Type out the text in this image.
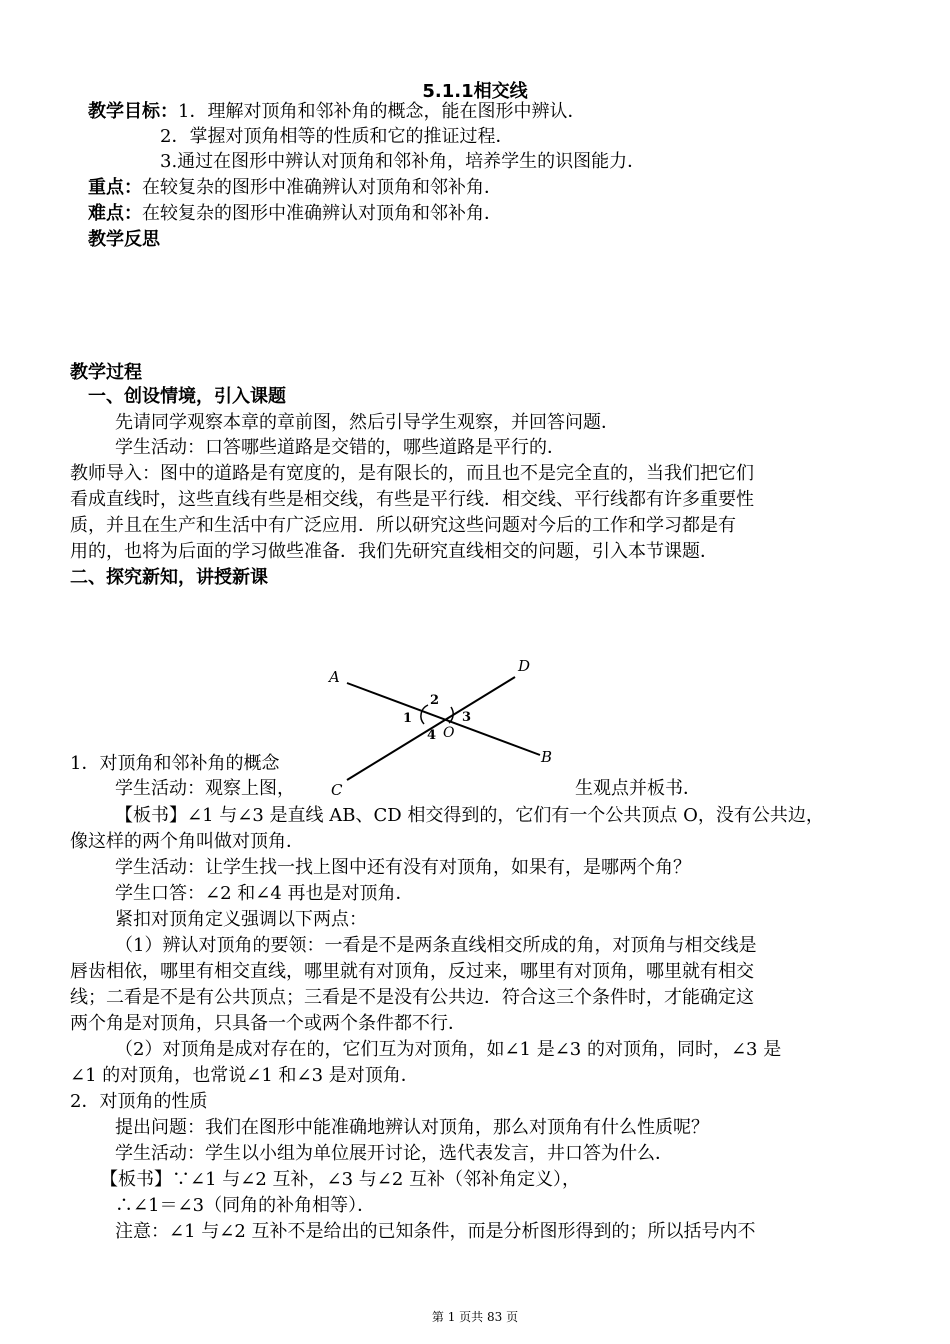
5.1.1相交线
教学目标：1．理解对顶角和邻补角的概念，能在图形中辨认．
2．掌握对顶角相等的性质和它的推证过程．
3.通过在图形中辨认对顶角和邻补角，培养学生的识图能力．
重点：在较复杂的图形中准确辨认对顶角和邻补角．
难点：在较复杂的图形中准确辨认对顶角和邻补角．
教学反思
教学过程
一、创设情境，引入课题
先请同学观察本章的章前图，然后引导学生观察，并回答问题．
学生活动：口答哪些道路是交错的，哪些道路是平行的．
教师导入：图中的道路是有宽度的，是有限长的，而且也不是完全直的，当我们把它们
看成直线时，这些直线有些是相交线，有些是平行线．相交线、平行线都有许多重要性
质，并且在生产和生活中有广泛应用．所以研究这些问题对今后的工作和学习都是有
用的，也将为后面的学习做些准备．我们先研究直线相交的问题，引入本节课题．
二、探究新知，讲授新课
A
D
B
C
O
1
2
3
4
1．对顶角和邻补角的概念
学生活动：观察上图，	生观点并板书．
【板书】∠1 与∠3 是直线 AB、CD 相交得到的，它们有一个公共顶点 O，没有公共边，
像这样的两个角叫做对顶角．
学生活动：让学生找一找上图中还有没有对顶角，如果有，是哪两个角？
学生口答：∠2 和∠4 再也是对顶角．
紧扣对顶角定义强调以下两点：
（1）辨认对顶角的要领：一看是不是两条直线相交所成的角，对顶角与相交线是
唇齿相依，哪里有相交直线，哪里就有对顶角，反过来，哪里有对顶角，哪里就有相交
线；二看是不是有公共顶点；三看是不是没有公共边．符合这三个条件时，才能确定这
两个角是对顶角，只具备一个或两个条件都不行．
（2）对顶角是成对存在的，它们互为对顶角，如∠1 是∠3 的对顶角，同时，∠3 是
∠1 的对顶角，也常说∠1 和∠3 是对顶角．
2．对顶角的性质
提出问题：我们在图形中能准确地辨认对顶角，那么对顶角有什么性质呢？
学生活动：学生以小组为单位展开讨论，选代表发言，井口答为什么．
【板书】∵∠1 与∠2 互补，∠3 与∠2 互补（邻补角定义），
∴∠1＝∠3（同角的补角相等）．
注意：∠1 与∠2 互补不是给出的已知条件，而是分析图形得到的；所以括号内不
第 1 页共 83 页
